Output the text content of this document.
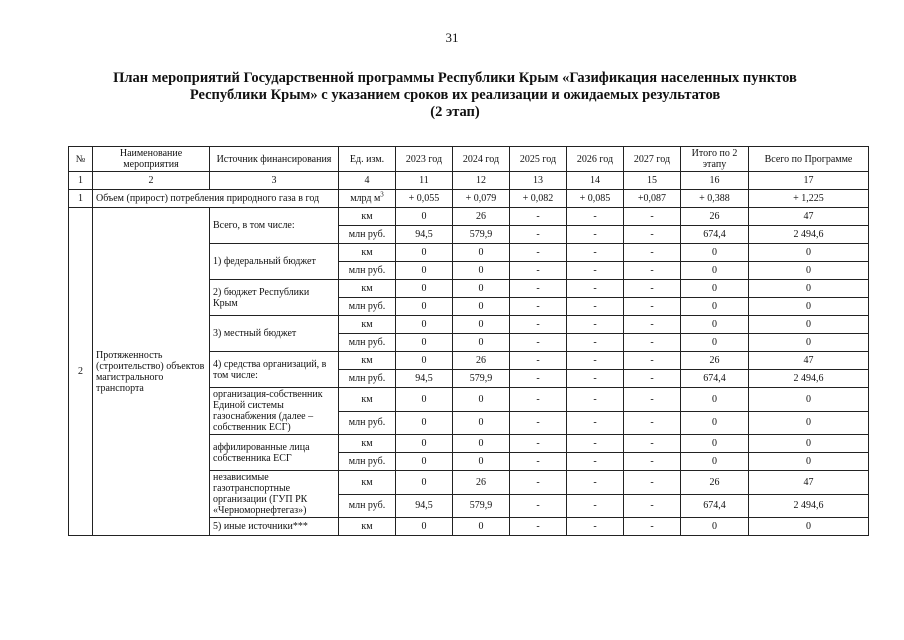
31
План мероприятий Государственной программы Республики Крым «Газификация населенных пунктов
Республики Крым» с указанием сроков их реализации и ожидаемых результатов
(2 этап)
№	Наименование мероприятия	Источник финансирования	Ед. изм.	2023 год	2024 год	2025 год	2026 год	2027 год	Итого по 2 этапу	Всего по Программе
1	2	3	4	11	12	13	14	15	16	17
1	Объем (прирост) потребления природного газа в год		млрд $м^3$	+ 0,055	+ 0,079	+ 0,082	+ 0,085	+0,087	+ 0,388	+ 1,225
2	Протяженность (строительство) объектов магистрального транспорта	Всего, в том числе:	км	0	26	-	-	-	26	47
			млн руб.	94,5	579,9	-	-	-	674,4	2 494,6
		1) федеральный бюджет	км	0	0	-	-	-	0	0
			млн руб.	0	0	-	-	-	0	0
		2) бюджет Республики Крым	км	0	0	-	-	-	0	0
			млн руб.	0	0	-	-	-	0	0
		3) местный бюджет	км	0	0	-	-	-	0	0
			млн руб.	0	0	-	-	-	0	0
		4) средства организаций, в том числе:	км	0	26	-	-	-	26	47
			млн руб.	94,5	579,9	-	-	-	674,4	2 494,6
		организация-собственник Единой системы газоснабжения (далее – собственник ЕСГ)	км	0	0	-	-	-	0	0
			млн руб.	0	0	-	-	-	0	0
		аффилированные лица собственника ЕСГ	км	0	0	-	-	-	0	0
			млн руб.	0	0	-	-	-	0	0
		независимые газотранспортные организации (ГУП РК «Черноморнефтегаз»)	км	0	26	-	-	-	26	47
			млн руб.	94,5	579,9	-	-	-	674,4	2 494,6
		5) иные источники***	км	0	0	-	-	-	0	0
